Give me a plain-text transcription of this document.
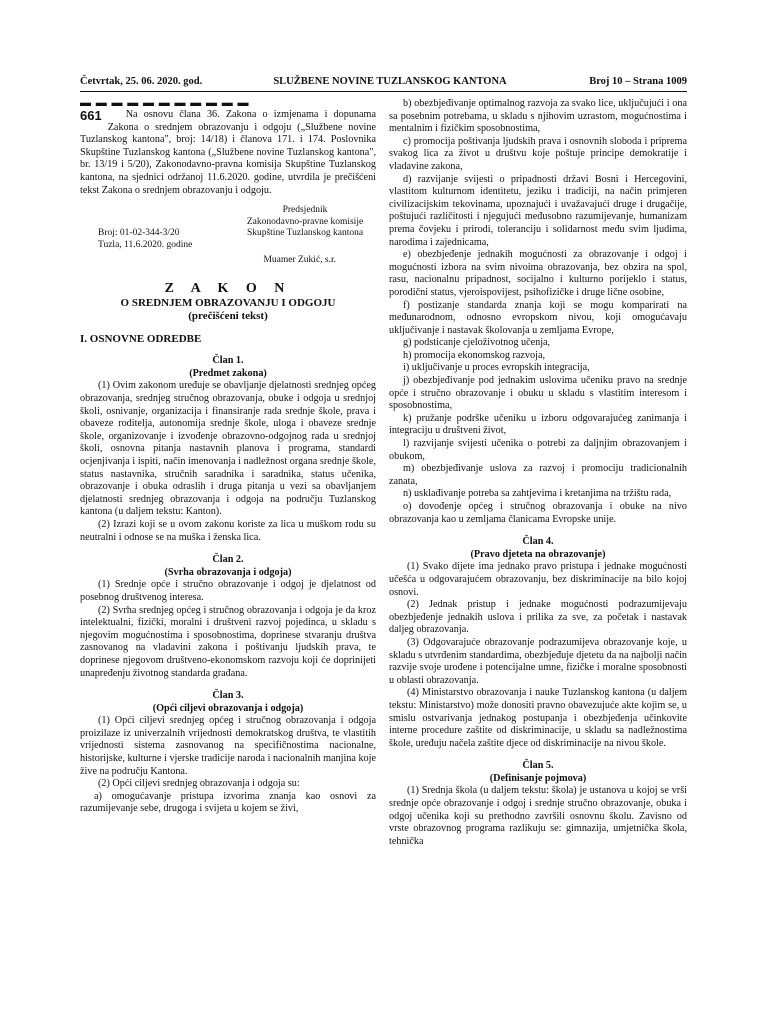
Četvrtak, 25. 06. 2020. god.	SLUŽBENE NOVINE TUZLANSKOG KANTONA	Broj 10 – Strana 1009
▬ ▬ ▬ ▬ ▬ ▬ ▬ ▬ ▬ ▬ ▬
661	Na osnovu člana 36. Zakona o izmjenama i dopunama Zakona o srednjem obrazovanju i odgoju („Službene novine Tuzlanskog kantona", broj: 14/18) i članova 171. i 174. Poslovnika Skupštine Tuzlanskog kantona („Službene novine Tuzlanskog kantona", br. 13/19 i 5/20), Zakonodavno-pravna komisija Skupštine Tuzlanskog kantona, na sjednici održanoj 11.6.2020. godine, utvrdila je prečišćeni tekst Zakona o srednjem obrazovanju i odgoju.

Predsjednik
Zakonodavno-pravne komisije
Skupštine Tuzlanskog kantona
Broj: 01-02-344-3/20
Tuzla, 11.6.2020. godine

Muamer Zukić, s.r.

Z A K O N
O SREDNJEM OBRAZOVANJU I ODGOJU
(prečišćeni tekst)
I. OSNOVNE ODREDBE
Član 1.
(Predmet zakona)

(1) Ovim zakonom uređuje se obavljanje djelatnosti srednjeg općeg obrazovanja, srednjeg stručnog obrazovanja, obuke i odgoja u srednjoj školi, osnivanje, organizacija i finansiranje rada srednje škole, prava i obaveze roditelja, autonomija srednje škole, uloga i obaveze srednje škole, organizovanje i izvođenje obrazovno-odgojnog rada u srednjoj školi, osnovna pitanja nastavnih planova i programa, standardi ocjenjivanja i ispiti, način imenovanja i nadležnost organa srednje škole, status nastavnika, stručnih saradnika i saradnika, status učenika, obrazovanje i obuka odraslih i druga pitanja u vezi sa obavljanjem djelatnosti srednjeg obrazovanja i odgoja na području Tuzlanskog kantona (u daljem tekstu: Kanton).

(2) Izrazi koji se u ovom zakonu koriste za lica u muškom rodu su neutralni i odnose se na muška i ženska lica.

Član 2.
(Svrha obrazovanja i odgoja)

(1) Srednje opće i stručno obrazovanje i odgoj je djelatnost od posebnog društvenog interesa.

(2) Svrha srednjeg općeg i stručnog obrazovanja i odgoja je da kroz intelektualni, fizički, moralni i društveni razvoj pojedinca, u skladu s njegovim mogućnostima i sposobnostima, doprinese stvaranju društva zasnovanog na vladavini zakona i poštivanju ljudskih prava, te doprinese njegovom društveno-ekonomskom razvoju koji će doprinijeti unapređenju životnog standarda građana.

Član 3.
(Opći ciljevi obrazovanja i odgoja)

(1) Opći ciljevi srednjeg općeg i stručnog obrazovanja i odgoja proizilaze iz univerzalnih vrijednosti demokratskog društva, te vlastitih vrijednosti sistema zasnovanog na specifičnostima nacionalne, historijske, kulturne i vjerske tradicije naroda i nacionalnih manjina koje žive na području Kantona.

(2) Opći ciljevi srednjeg obrazovanja i odgoja su:

a) omogućavanje pristupa izvorima znanja kao osnovi za razumijevanje sebe, drugoga i svijeta u kojem se živi,

b) obezbjeđivanje optimalnog razvoja za svako lice, uključujući i ona sa posebnim potrebama, u skladu s njihovim uzrastom, mogućnostima i mentalnim i fizičkim sposobnostima,

c) promocija poštivanja ljudskih prava i osnovnih sloboda i priprema svakog lica za život u društvu koje poštuje principe demokratije i vladavine zakona,

d) razvijanje svijesti o pripadnosti državi Bosni i Hercegovini, vlastitom kulturnom identitetu, jeziku i tradiciji, na način primjeren civilizacijskim tekovinama, upoznajući i uvažavajući druge i drugačije, poštujući različitosti i njegujući međusobno razumijevanje, humanizam prema čovjeku i prirodi, toleranciju i solidarnost među svim ljudima, narodima i zajednicama,

e) obezbjeđenje jednakih mogućnosti za obrazovanje i odgoj i mogućnosti izbora na svim nivoima obrazovanja, bez obzira na spol, rasu, nacionalnu pripadnost, socijalno i kulturno porijeklo i status, porodični status, vjeroispovijest, psihofizičke i druge lične osobine,

f) postizanje standarda znanja koji se mogu komparirati na međunarodnom, odnosno evropskom nivou, koji omogućavaju uključivanje i nastavak školovanja u zemljama Evrope,

g) podsticanje cjeloživotnog učenja,

h) promocija ekonomskog razvoja,

i) uključivanje u proces evropskih integracija,

j) obezbjeđivanje pod jednakim uslovima učeniku pravo na srednje opće i stručno obrazovanje i obuku u skladu s vlastitim interesom i sposobnostima,

k) pružanje podrške učeniku u izboru odgovarajućeg zanimanja i integraciju u društveni život,

l) razvijanje svijesti učenika o potrebi za daljnjim obrazovanjem i obukom,

m) obezbjeđivanje uslova za razvoj i promociju tradicionalnih zanata,

n) usklađivanje potreba sa zahtjevima i kretanjima na tržištu rada,

o) dovođenje općeg i stručnog obrazovanja i obuke na nivo obrazovanja kao u zemljama članicama Evropske unije.

Član 4.
(Pravo djeteta na obrazovanje)

(1) Svako dijete ima jednako pravo pristupa i jednake mogućnosti učešća u odgovarajućem obrazovanju, bez diskriminacije na bilo kojoj osnovi.

(2) Jednak pristup i jednake mogućnosti podrazumijevaju obezbjeđenje jednakih uslova i prilika za sve, za početak i nastavak daljeg obrazovanja.

(3) Odgovarajuće obrazovanje podrazumijeva obrazovanje koje, u skladu s utvrđenim standardima, obezbjeđuje djetetu da na najbolji način razvije svoje urođene i potencijalne umne, fizičke i moralne sposobnosti u oblasti obrazovanja.

(4) Ministarstvo obrazovanja i nauke Tuzlanskog kantona (u daljem tekstu: Ministarstvo) može donositi pravno obavezujuće akte kojim se, u smislu ostvarivanja jednakog postupanja i obezbjeđenja učinkovite interne procedure zaštite od diskriminacije, u skladu sa nadležnostima škole, uređuju načela zaštite djece od diskriminacije na nivou škole.

Član 5.
(Definisanje pojmova)

(1) Srednja škola (u daljem tekstu: škola) je ustanova u kojoj se vrši srednje opće obrazovanje i odgoj i srednje stručno obrazovanje, obuka i odgoj učenika koji su prethodno završili osnovnu školu. Zavisno od vrste obrazovnog programa razlikuju se: gimnazija, umjetnička škola, tehnička
